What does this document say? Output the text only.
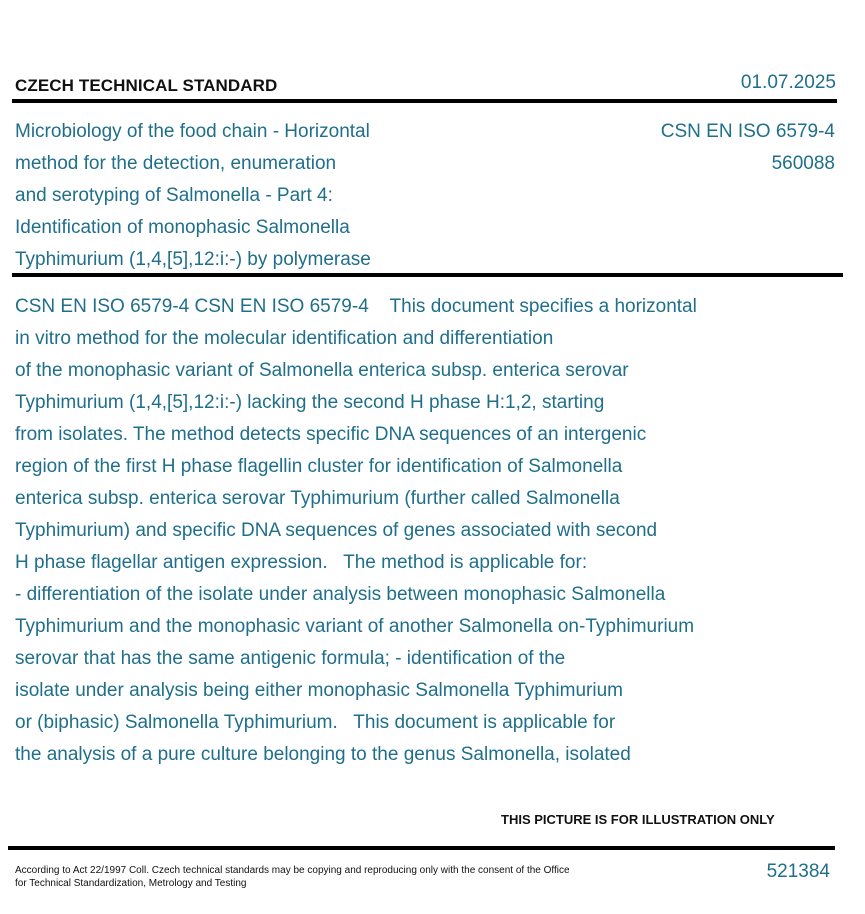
CZECH TECHNICAL STANDARD	01.07.2025
Microbiology of the food chain - Horizontal
method for the detection, enumeration
and serotyping of Salmonella - Part 4:
Identification of monophasic Salmonella
Typhimurium (1,4,[5],12:i:-) by polymerase
CSN EN ISO 6579-4
560088
CSN EN ISO 6579-4 CSN EN ISO 6579-4    This document specifies a horizontal
in vitro method for the molecular identification and differentiation
of the monophasic variant of Salmonella enterica subsp. enterica serovar
Typhimurium (1,4,[5],12:i:-) lacking the second H phase H:1,2, starting
from isolates. The method detects specific DNA sequences of an intergenic
region of the first H phase flagellin cluster for identification of Salmonella
enterica subsp. enterica serovar Typhimurium (further called Salmonella
Typhimurium) and specific DNA sequences of genes associated with second
H phase flagellar antigen expression.   The method is applicable for:
- differentiation of the isolate under analysis between monophasic Salmonella
Typhimurium and the monophasic variant of another Salmonella on-Typhimurium
serovar that has the same antigenic formula; - identification of the
isolate under analysis being either monophasic Salmonella Typhimurium
or (biphasic) Salmonella Typhimurium.   This document is applicable for
the analysis of a pure culture belonging to the genus Salmonella, isolated
THIS PICTURE IS FOR ILLUSTRATION ONLY
According to Act 22/1997 Coll. Czech technical standards may be copying and reproducing only with the consent of the Office
for Technical Standardization, Metrology and Testing
521384
